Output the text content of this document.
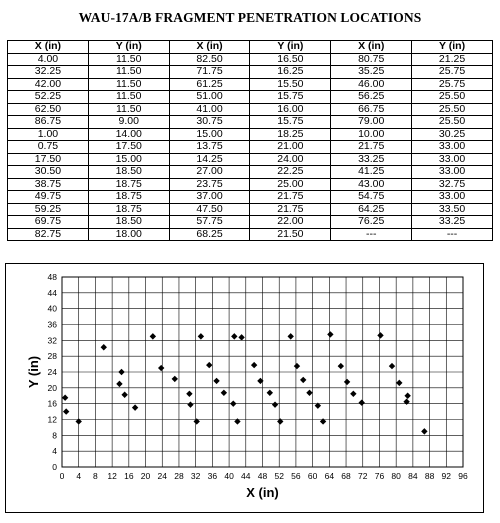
WAU-17A/B FRAGMENT PENETRATION LOCATIONS
X (in)	Y (in)	X (in)	Y (in)	X (in)	Y (in)
4.00	11.50	82.50	16.50	80.75	21.25
32.25	11.50	71.75	16.25	35.25	25.75
42.00	11.50	61.25	15.50	46.00	25.75
52.25	11.50	51.00	15.75	56.25	25.50
62.50	11.50	41.00	16.00	66.75	25.50
86.75	9.00	30.75	15.75	79.00	25.50
1.00	14.00	15.00	18.25	10.00	30.25
0.75	17.50	13.75	21.00	21.75	33.00
17.50	15.00	14.25	24.00	33.25	33.00
30.50	18.50	27.00	22.25	41.25	33.00
38.75	18.75	23.75	25.00	43.00	32.75
49.75	18.75	37.00	21.75	54.75	33.00
59.25	18.75	47.50	21.75	64.25	33.50
69.75	18.50	57.75	22.00	76.25	33.25
82.75	18.00	68.25	21.50	---	---
0 4 8 12 16 20 24 28 32 36 40 44 48 52 56 60 64 68 72 76 80 84 88 92 96
0
4
8
12
16
20
24
28
32
36
40
44
48
X (in)
Y (in)
